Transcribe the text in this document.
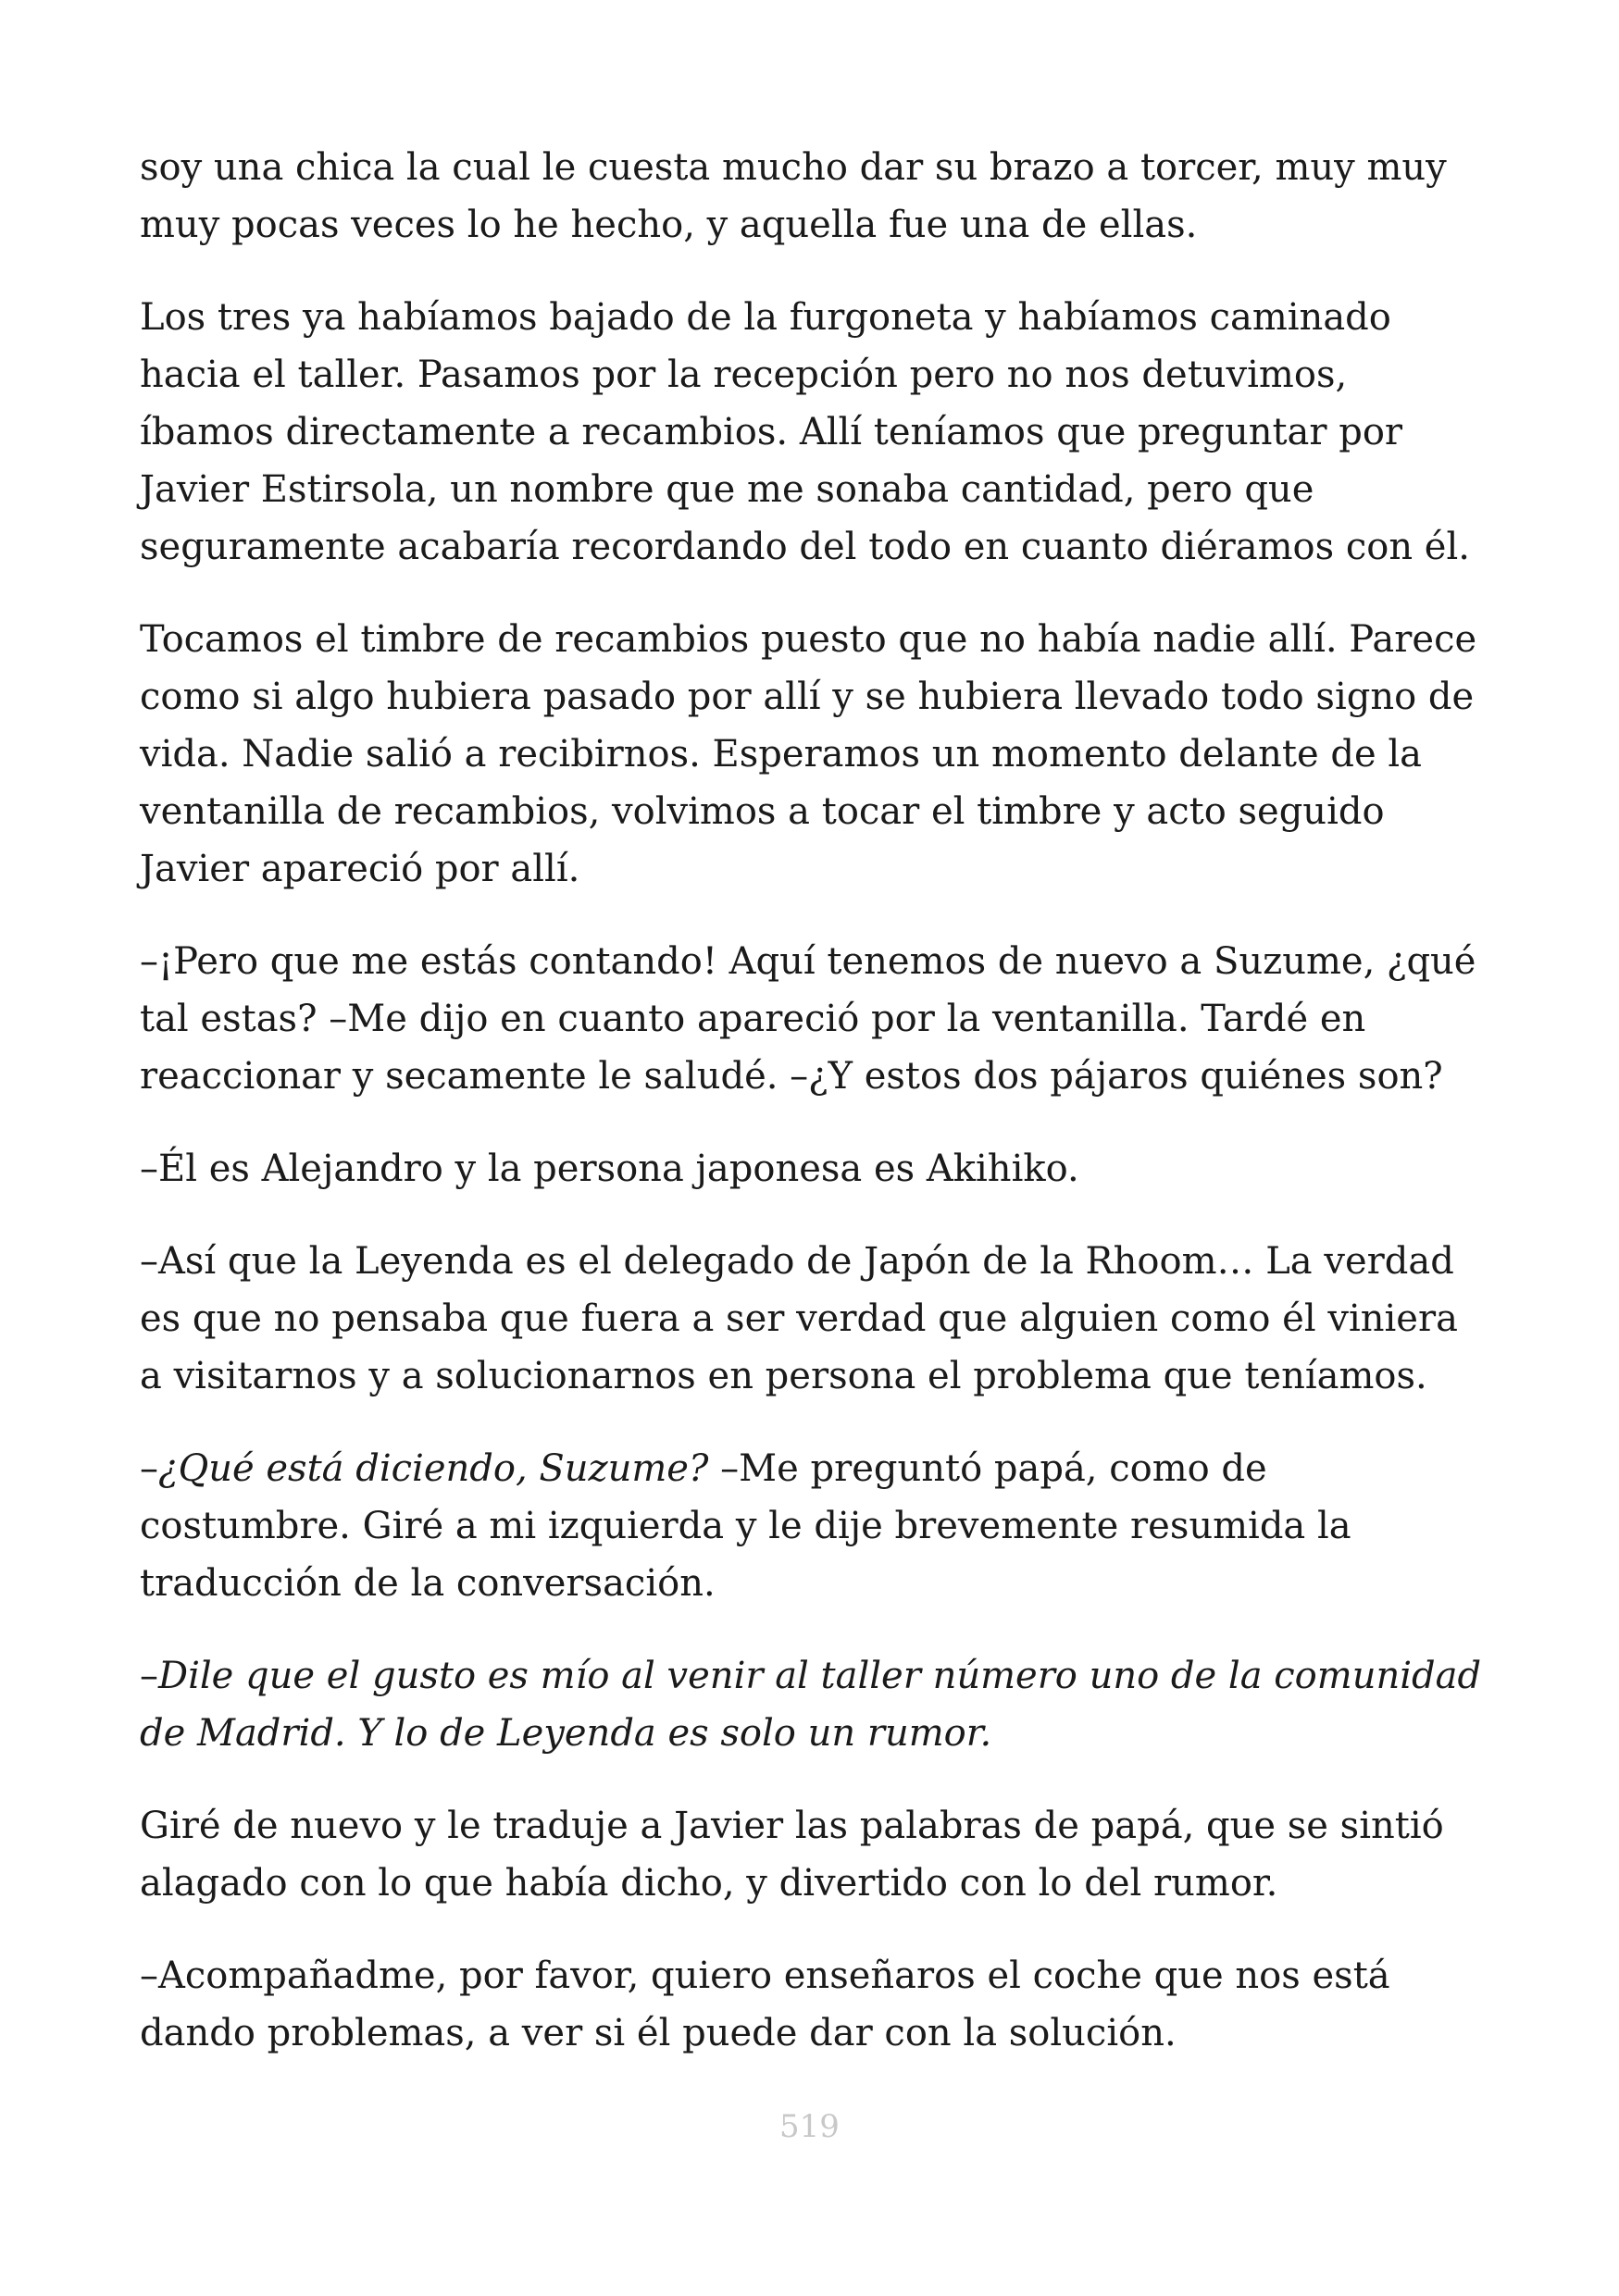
soy una chica la cual le cuesta mucho dar su brazo a torcer, muy muy muy pocas veces lo he hecho, y aquella fue una de ellas.

Los tres ya habíamos bajado de la furgoneta y habíamos caminado hacia el taller. Pasamos por la recepción pero no nos detuvimos, íbamos directamente a recambios. Allí teníamos que preguntar por Javier Estirsola, un nombre que me sonaba cantidad, pero que seguramente acabaría recordando del todo en cuanto diéramos con él.

Tocamos el timbre de recambios puesto que no había nadie allí. Parece como si algo hubiera pasado por allí y se hubiera llevado todo signo de vida. Nadie salió a recibirnos. Esperamos un momento delante de la ventanilla de recambios, volvimos a tocar el timbre y acto seguido Javier apareció por allí.

–¡Pero que me estás contando! Aquí tenemos de nuevo a Suzume, ¿qué tal estas? –Me dijo en cuanto apareció por la ventanilla. Tardé en reaccionar y secamente le saludé. –¿Y estos dos pájaros quiénes son?

–Él es Alejandro y la persona japonesa es Akihiko.

–Así que la Leyenda es el delegado de Japón de la Rhoom… La verdad es que no pensaba que fuera a ser verdad que alguien como él viniera a visitarnos y a solucionarnos en persona el problema que teníamos.

–¿Qué está diciendo, Suzume? –Me preguntó papá, como de costumbre. Giré a mi izquierda y le dije brevemente resumida la traducción de la conversación.

–Dile que el gusto es mío al venir al taller número uno de la comunidad de Madrid. Y lo de Leyenda es solo un rumor.

Giré de nuevo y le traduje a Javier las palabras de papá, que se sintió alagado con lo que había dicho, y divertido con lo del rumor.

–Acompañadme, por favor, quiero enseñaros el coche que nos está dando problemas, a ver si él puede dar con la solución.

519
